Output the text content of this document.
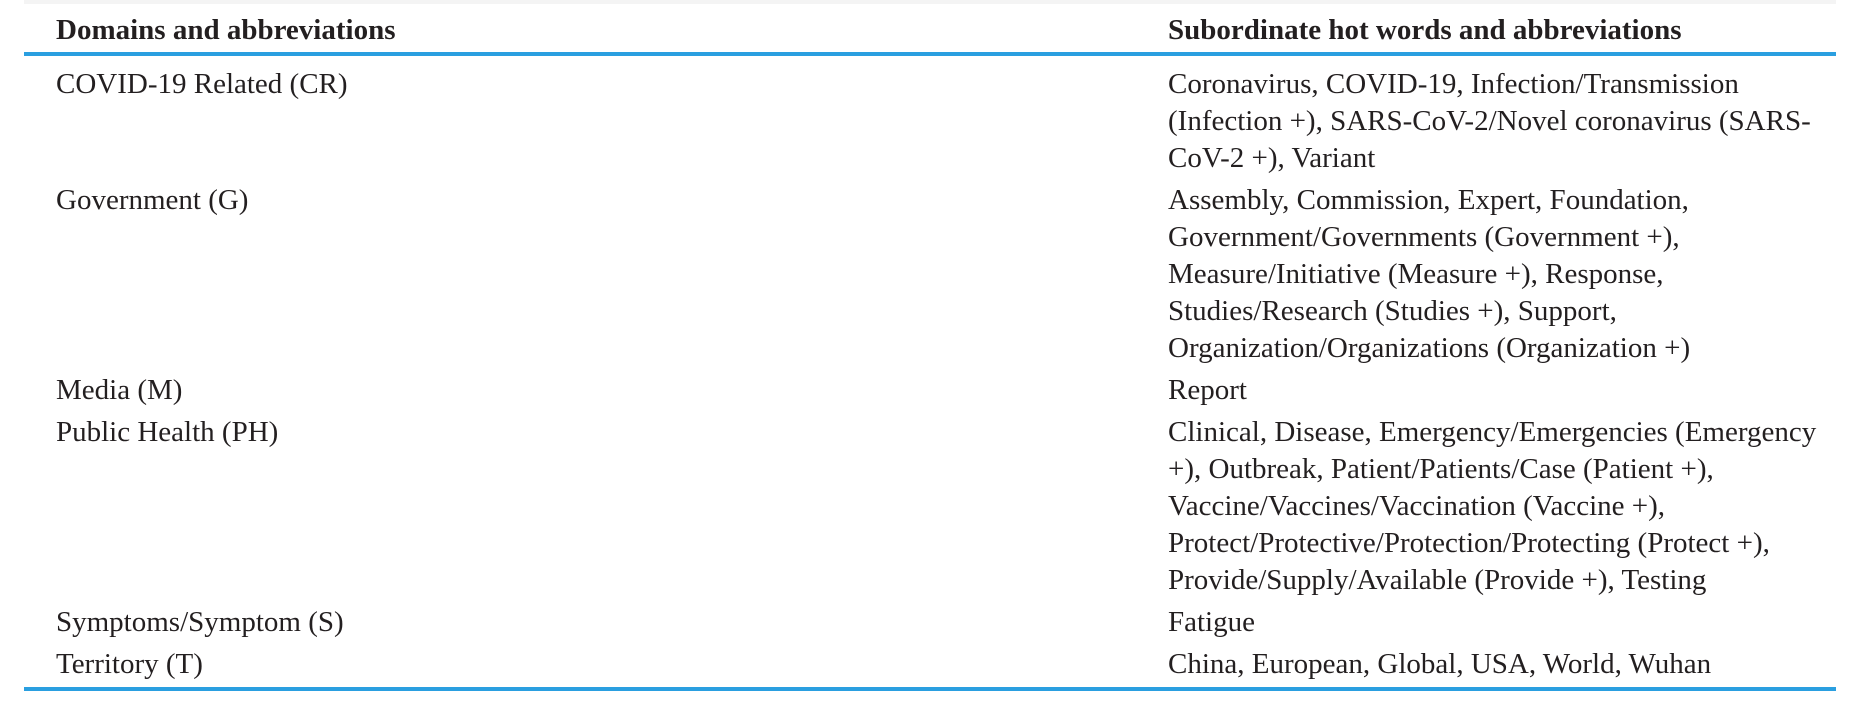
Domains and abbreviations	Subordinate hot words and abbreviations
COVID-19 Related (CR)	Coronavirus, COVID-19, Infection/Transmission (Infection +), SARS-CoV-2/Novel coronavirus (SARS-CoV-2 +), Variant
Government (G)	Assembly, Commission, Expert, Foundation, Government/Governments (Government +), Measure/Initiative (Measure +), Response, Studies/Research (Studies +), Support, Organization/Organizations (Organization +)
Media (M)	Report
Public Health (PH)	Clinical, Disease, Emergency/Emergencies (Emergency +), Outbreak, Patient/Patients/Case (Patient +), Vaccine/Vaccines/Vaccination (Vaccine +), Protect/Protective/Protection/Protecting (Protect +), Provide/Supply/Available (Provide +), Testing
Symptoms/Symptom (S)	Fatigue
Territory (T)	China, European, Global, USA, World, Wuhan
